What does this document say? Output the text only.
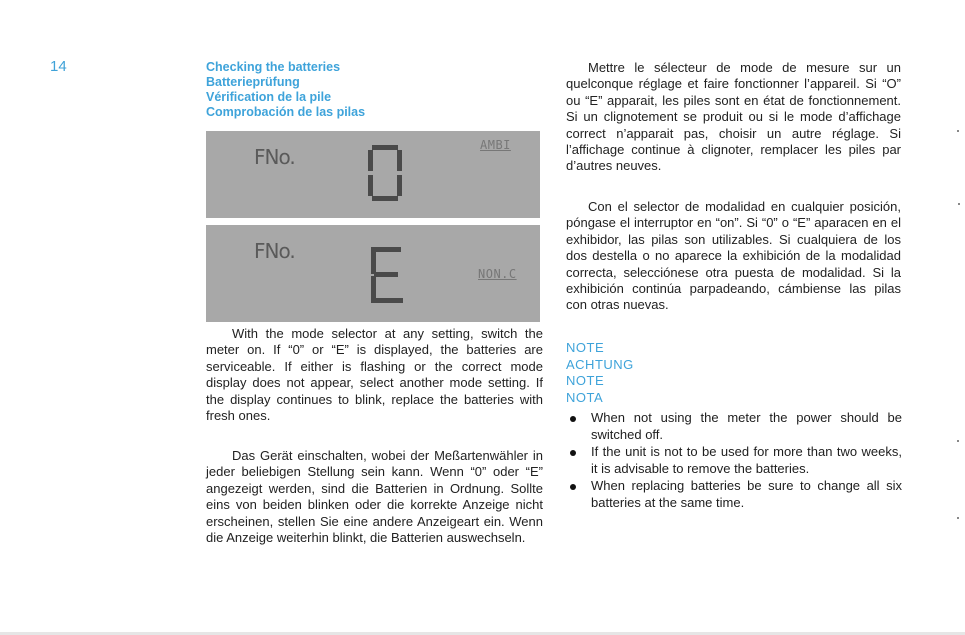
14	Checking the batteries
Batterieprüfung
Vérification de la pile
Comprobación de las pilas
FNo.	AMBI
FNo.
NON.C

With the mode selector at any setting, switch the meter on. If “0” or “E” is displayed, the batteries are serviceable. If either is flashing or the correct mode display does not appear, select another mode setting. If the display continues to blink, replace the batteries with fresh ones.

Das Gerät einschalten, wobei der Meßartenwähler in jeder beliebigen Stellung sein kann. Wenn “0” oder “E” angezeigt werden, sind die Batterien in Ordnung. Sollte eins von beiden blinken oder die korrekte Anzeige nicht erscheinen, stellen Sie eine andere Anzeigeart ein. Wenn die Anzeige weiterhin blinkt, die Batterien auswechseln.

Mettre le sélecteur de mode de mesure sur un quelconque réglage et faire fonctionner l’appareil. Si “O” ou “E” apparait, les piles sont en état de fonctionnement. Si un clignotement se produit ou si le mode d’affichage correct n’apparait pas, choisir un autre réglage. Si l’affichage continue à clignoter, remplacer les piles par d’autres neuves.

Con el selector de modalidad en cualquier posición, póngase el interruptor en “on”. Si “0” o “E” aparacen en el exhibidor, las pilas son utilizables. Si cualquiera de los dos destella o no aparece la exhibición de la modalidad correcta, selecciónese otra puesta de modalidad. Si la exhibición continúa parpadeando, cámbiense las pilas con otras nuevas.

NOTE
ACHTUNG
NOTE
NOTA
When not using the meter the power should be switched off.
If the unit is not to be used for more than two weeks, it is advisable to remove the batteries.
When replacing batteries be sure to change all six batteries at the same time.
